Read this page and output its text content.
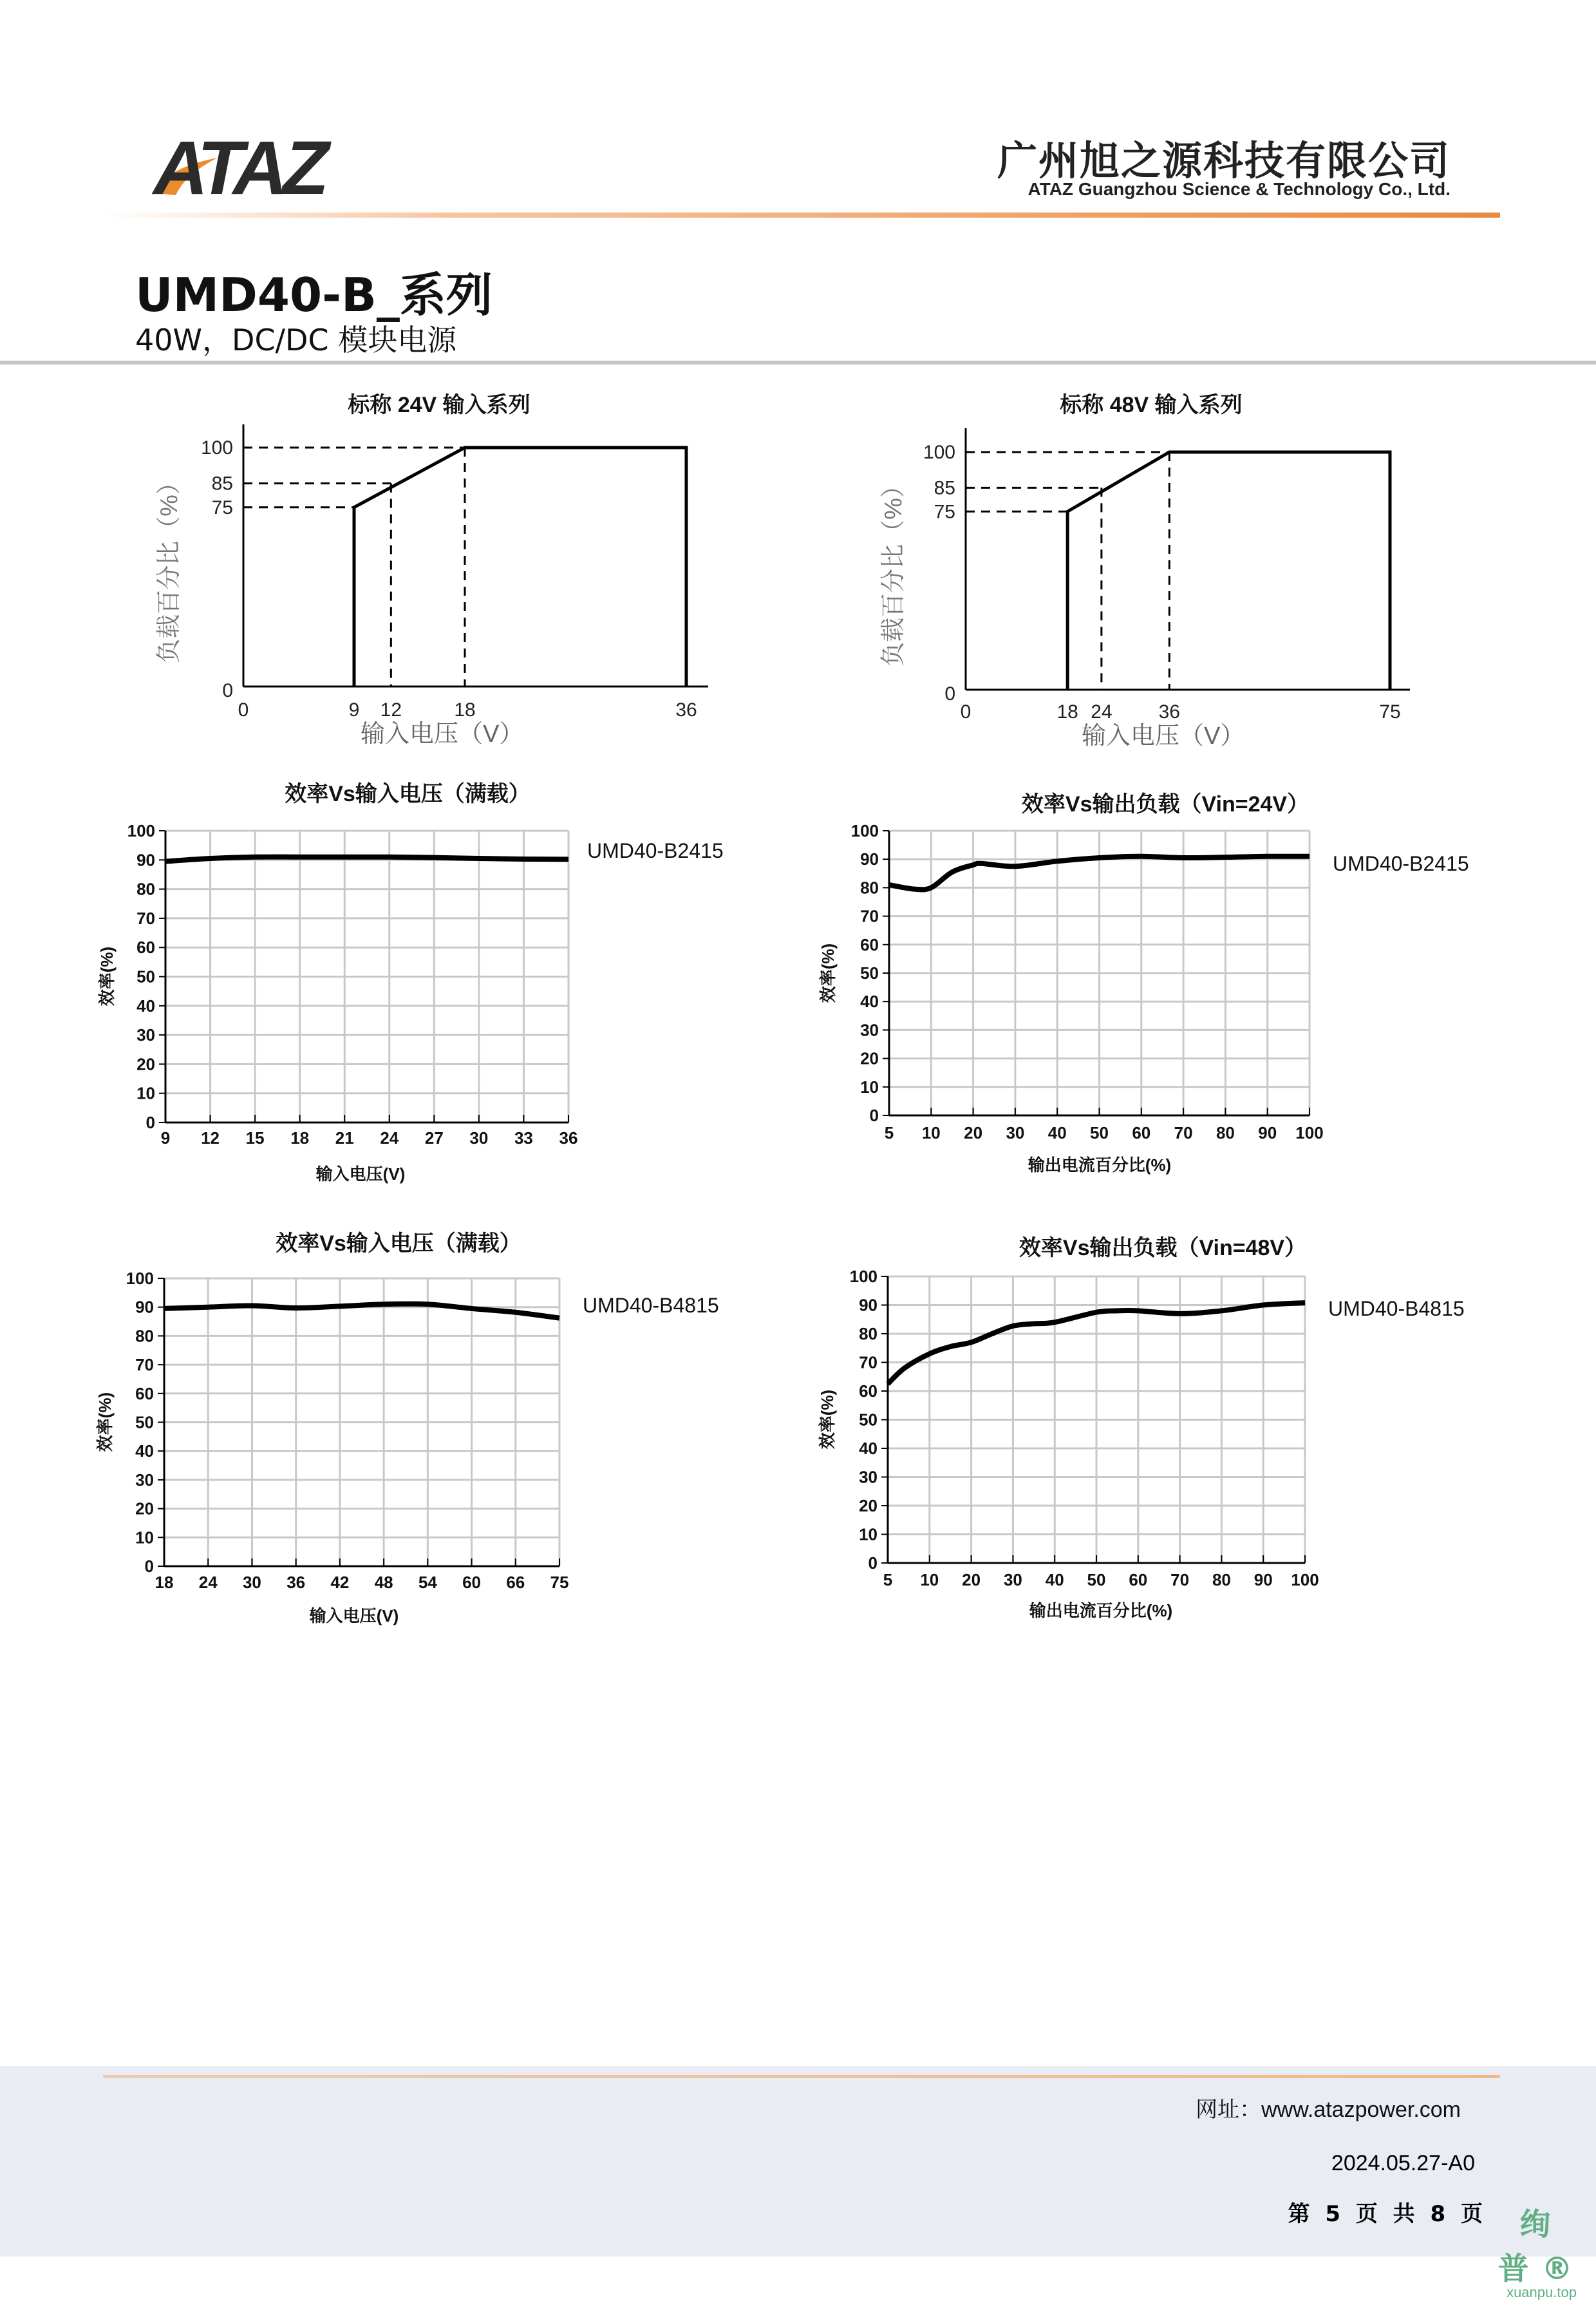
ATAZ	广州旭之源科技有限公司
ATAZ Guangzhou Science & Technology Co., Ltd.
UMD40-B_系列
40W，DC/DC 模块电源
标称 24V 输入系列
0	9 12	18	36
0
75
85
100
输入电压（V）
负载百分比（%）
标称 48V 输入系列
0	18 24 36	75
0
75
85
100
输入电压（V）
负载百分比（%）
效率Vs输入电压（满载）
0
10
20
30
40
50
60
70
80
90
100
9 12 15 18 21 24 27 30 33 36
UMD40-B2415
输入电压(V)
效率(%)
效率Vs输出负载（Vin=24V）
0
10
20
30
40
50
60
70
80
90
100
5 10 20 30 40 50 60 70 80 90 100
UMD40-B2415
输出电流百分比(%)
效率(%)
效率Vs输入电压（满载）
0
10
20
30
40
50
60
70
80
90
100
18 24 30 36 42 48 54 60 66 75
UMD40-B4815
输入电压(V)
效率(%)
效率Vs输出负载（Vin=48V）
0
10
20
30
40
50
60
70
80
90
100
5 10 20 30 40 50 60 70 80 90 100
UMD40-B4815
输出电流百分比(%)
效率(%)
网址：www.atazpower.com
2024.05.27-A0
第 5 页 共 8 页	绚 普®
xuanpu.top
